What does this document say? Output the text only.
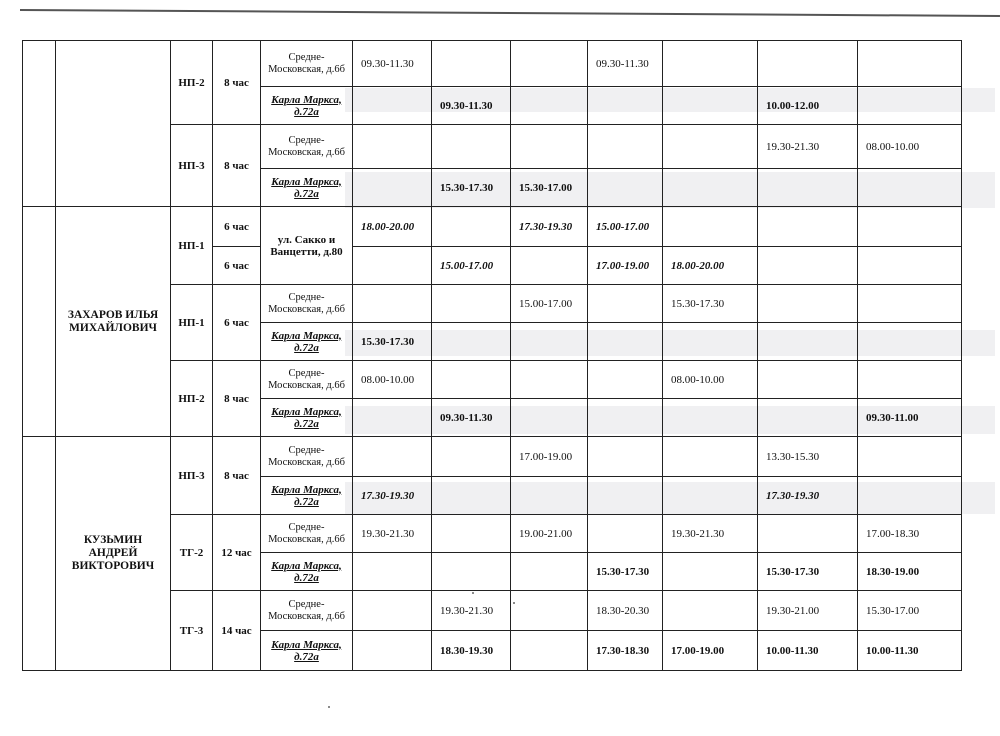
		НП-2	8 час	Средне-Московская, д.6б	09.30-11.30			09.30-11.30			
				Карла Маркса, д.72а		09.30-11.30				10.00-12.00	
		НП-3	8 час	Средне-Московская, д.6б						19.30-21.30	08.00-10.00
				Карла Маркса, д.72а		15.30-17.30	15.30-17.00				
	ЗАХАРОВ ИЛЬЯ МИХАЙЛОВИЧ	НП-1	6 час	ул. Сакко и Ванцетти, д.80	18.00-20.00		17.30-19.30	15.00-17.00			
			6 час			15.00-17.00		17.00-19.00	18.00-20.00		
		НП-1	6 час	Средне-Московская, д.6б			15.00-17.00		15.30-17.30		
				Карла Маркса, д.72а	15.30-17.30						
		НП-2	8 час	Средне-Московская, д.6б	08.00-10.00				08.00-10.00		
				Карла Маркса, д.72а		09.30-11.30					09.30-11.00
	КУЗЬМИН АНДРЕЙ ВИКТОРОВИЧ	НП-3	8 час	Средне-Московская, д.6б			17.00-19.00			13.30-15.30	
				Карла Маркса, д.72а	17.30-19.30					17.30-19.30	
		ТГ-2	12 час	Средне-Московская, д.6б	19.30-21.30		19.00-21.00		19.30-21.30		17.00-18.30
				Карла Маркса, д.72а				15.30-17.30		15.30-17.30	18.30-19.00
		ТГ-3	14 час	Средне-Московская, д.6б		19.30-21.30		18.30-20.30		19.30-21.00	15.30-17.00
				Карла Маркса, д.72а		18.30-19.30		17.30-18.30	17.00-19.00	10.00-11.30	10.00-11.30
